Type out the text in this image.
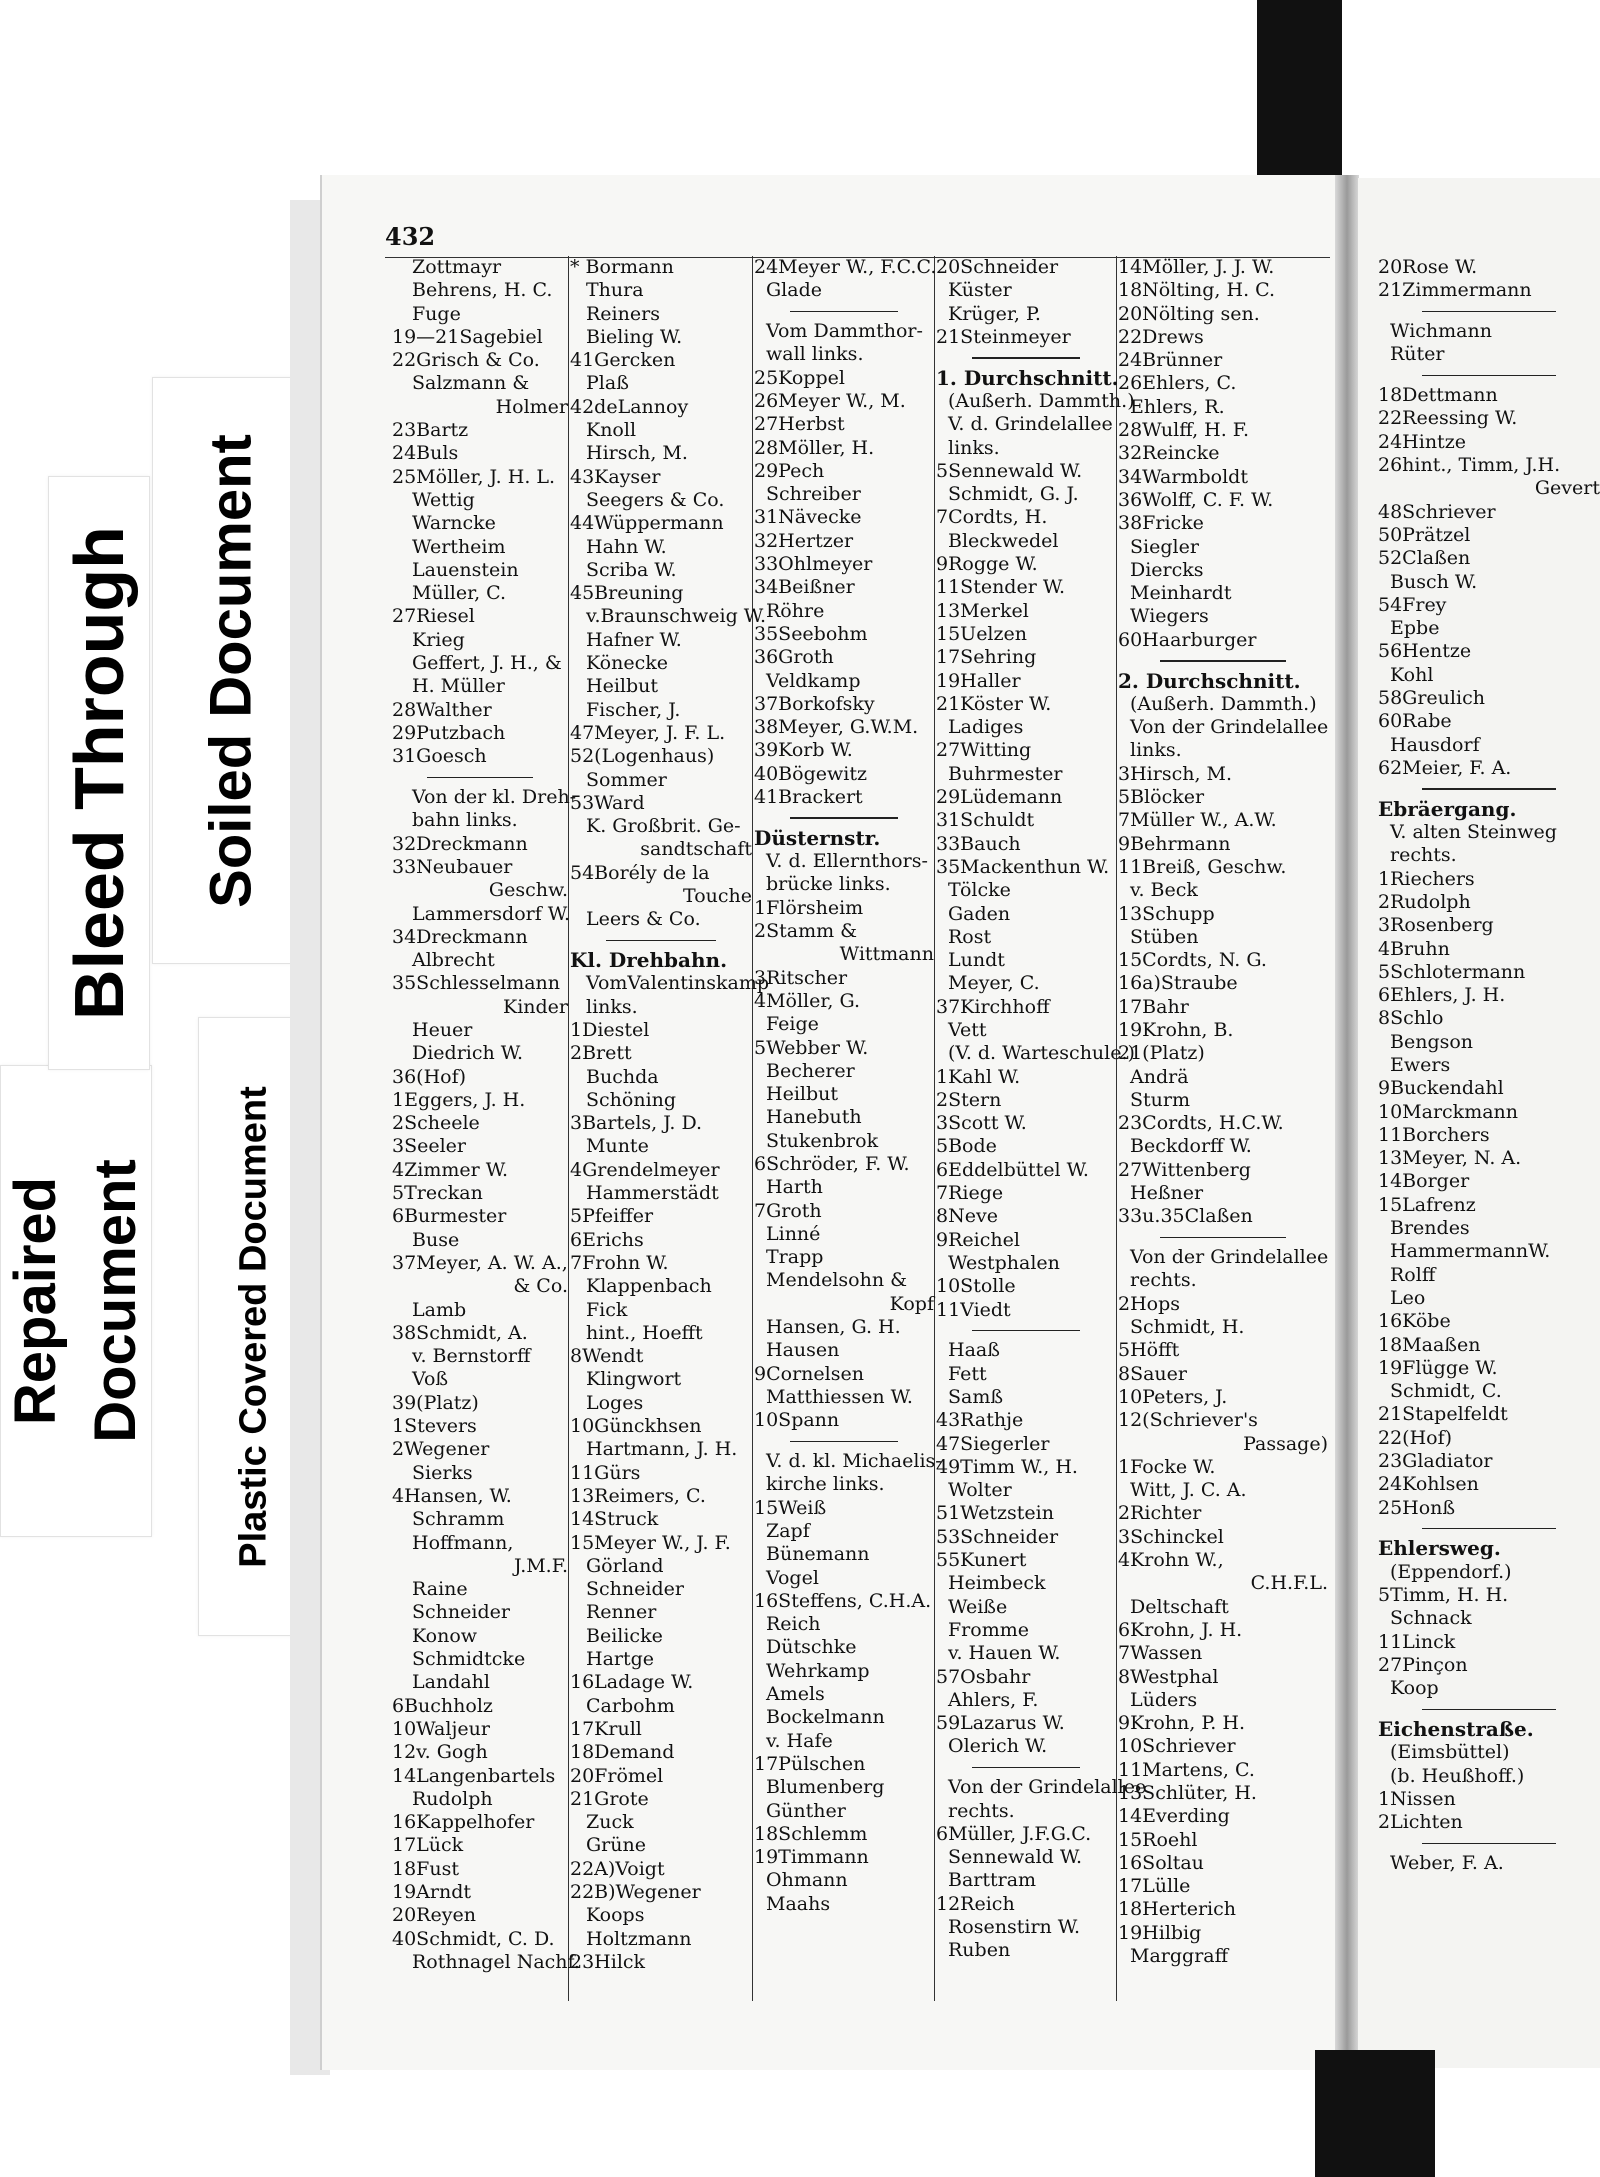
Repaired Document
Bleed Through Soiled Document
Plastic Covered Document
432
Zottmayr
Behrens, H. C.
Fuge
19—21Sagebiel
22Grisch & Co.
Salzmann &
Holmer
23Bartz
24Buls
25Möller, J. H. L.
Wettig
Warncke
Wertheim
Lauenstein
Müller, C.
27Riesel
Krieg
Geffert, J. H., &
H. Müller
28Walther
29Putzbach
31Goesch
Von der kl. Dreh-
bahn links.
32Dreckmann
33Neubauer
Geschw.
Lammersdorf W.
34Dreckmann
Albrecht
35Schlesselmann
Kinder
Heuer
Diedrich W.
36(Hof)
1Eggers, J. H.
2Scheele
3Seeler
4Zimmer W.
5Treckan
6Burmester
Buse
37Meyer, A. W. A.,
& Co.
Lamb
38Schmidt, A.
v. Bernstorff
Voß
39(Platz)
1Stevers
2Wegener
Sierks
4Hansen, W.
Schramm
Hoffmann,
J.M.F.
Raine
Schneider
Konow
Schmidtcke
Landahl
6Buchholz
10Waljeur
12v. Gogh
14Langenbartels
Rudolph
16Kappelhofer
17Lück
18Fust
19Arndt
20Reyen
40Schmidt, C. D.
Rothnagel Nachf.
* Bormann
Thura
Reiners
Bieling W.
41Gercken
Plaß
42deLannoy
Knoll
Hirsch, M.
43Kayser
Seegers & Co.
44Wüppermann
Hahn W.
Scriba W.
45Breuning
v.Braunschweig W.
Hafner W.
Könecke
Heilbut
Fischer, J.
47Meyer, J. F. L.
52(Logenhaus)
Sommer
53Ward
K. Großbrit. Ge-
sandtschaft
54Borély de la
Touche
Leers & Co.
Kl. Drehbahn.
VomValentinskamp
links.
1Diestel
2Brett
Buchda
Schöning
3Bartels, J. D.
Munte
4Grendelmeyer
Hammerstädt
5Pfeiffer
6Erichs
7Frohn W.
Klappenbach
Fick
hint., Hoefft
8Wendt
Klingwort
Loges
10Günckhsen
Hartmann, J. H.
11Gürs
13Reimers, C.
14Struck
15Meyer W., J. F.
Görland
Schneider
Renner
Beilicke
Hartge
16Ladage W.
Carbohm
17Krull
18Demand
20Frömel
21Grote
Zuck
Grüne
22A)Voigt
22B)Wegener
Koops
Holtzmann
23Hilck
24Meyer W., F.C.C.
Glade
Vom Dammthor-
wall links.
25Koppel
26Meyer W., M.
27Herbst
28Möller, H.
29Pech
Schreiber
31Nävecke
32Hertzer
33Ohlmeyer
34Beißner
Röhre
35Seebohm
36Groth
Veldkamp
37Borkofsky
38Meyer, G.W.M.
39Korb W.
40Bögewitz
41Brackert
Düsternstr.
V. d. Ellernthors-
brücke links.
1Flörsheim
2Stamm &
Wittmann
3Ritscher
4Möller, G.
Feige
5Webber W.
Becherer
Heilbut
Hanebuth
Stukenbrok
6Schröder, F. W.
Harth
7Groth
Linné
Trapp
Mendelsohn &
Kopf
Hansen, G. H.
Hausen
9Cornelsen
Matthiessen W.
10Spann
V. d. kl. Michaelis-
kirche links.
15Weiß
Zapf
Bünemann
Vogel
16Steffens, C.H.A.
Reich
Dütschke
Wehrkamp
Amels
Bockelmann
v. Hafe
17Pülschen
Blumenberg
Günther
18Schlemm
19Timmann
Ohmann
Maahs
20Schneider
Küster
Krüger, P.
21Steinmeyer
1. Durchschnitt.
(Außerh. Dammth.)
V. d. Grindelallee
links.
5Sennewald W.
Schmidt, G. J.
7Cordts, H.
Bleckwedel
9Rogge W.
11Stender W.
13Merkel
15Uelzen
17Sehring
19Haller
21Köster W.
Ladiges
27Witting
Buhrmester
29Lüdemann
31Schuldt
33Bauch
35Mackenthun W.
Tölcke
Gaden
Rost
Lundt
Meyer, C.
37Kirchhoff
Vett
(V. d. Warteschule.)
1Kahl W.
2Stern
3Scott W.
5Bode
6Eddelbüttel W.
7Riege
8Neve
9Reichel
Westphalen
10Stolle
11Viedt
Haaß
Fett
Samß
43Rathje
47Siegerler
49Timm W., H.
Wolter
51Wetzstein
53Schneider
55Kunert
Heimbeck
Weiße
Fromme
v. Hauen W.
57Osbahr
Ahlers, F.
59Lazarus W.
Olerich W.
Von der Grindelallee
rechts.
6Müller, J.F.G.C.
Sennewald W.
Barttram
12Reich
Rosenstirn W.
Ruben
14Möller, J. J. W.
18Nölting, H. C.
20Nölting sen.
22Drews
24Brünner
26Ehlers, C.
Ehlers, R.
28Wulff, H. F.
32Reincke
34Warmboldt
36Wolff, C. F. W.
38Fricke
Siegler
Diercks
Meinhardt
Wiegers
60Haarburger
2. Durchschnitt.
(Außerh. Dammth.)
Von der Grindelallee
links.
3Hirsch, M.
5Blöcker
7Müller W., A.W.
9Behrmann
11Breiß, Geschw.
v. Beck
13Schupp
Stüben
15Cordts, N. G.
16a)Straube
17Bahr
19Krohn, B.
21(Platz)
Andrä
Sturm
23Cordts, H.C.W.
Beckdorff W.
27Wittenberg
Heßner
33u.35Claßen
Von der Grindelallee
rechts.
2Hops
Schmidt, H.
5Höfft
8Sauer
10Peters, J.
12(Schriever's
Passage)
1Focke W.
Witt, J. C. A.
2Richter
3Schinckel
4Krohn W.,
C.H.F.L.
Deltschaft
6Krohn, J. H.
7Wassen
8Westphal
Lüders
9Krohn, P. H.
10Schriever
11Martens, C.
13Schlüter, H.
14Everding
15Roehl
16Soltau
17Lülle
18Herterich
19Hilbig
Marggraff
20Rose W.
21Zimmermann
Wichmann
Rüter
18Dettmann
22Reessing W.
24Hintze
26hint., Timm, J.H.
Gevert
48Schriever
50Prätzel
52Claßen
Busch W.
54Frey
Epbe
56Hentze
Kohl
58Greulich
60Rabe
Hausdorf
62Meier, F. A.
Ebräergang.
V. alten Steinweg
rechts.
1Riechers
2Rudolph
3Rosenberg
4Bruhn
5Schlotermann
6Ehlers, J. H.
8Schlo
Bengson
Ewers
9Buckendahl
10Marckmann
11Borchers
13Meyer, N. A.
14Borger
15Lafrenz
Brendes
HammermannW.
Rolff
Leo
16Köbe
18Maaßen
19Flügge W.
Schmidt, C.
21Stapelfeldt
22(Hof)
23Gladiator
24Kohlsen
25Honß
Ehlersweg.
(Eppendorf.)
5Timm, H. H.
Schnack
11Linck
27Pinçon
Koop
Eichenstraße.
(Eimsbüttel)
(b. Heußhoff.)
1Nissen
2Lichten
Weber, F. A.
